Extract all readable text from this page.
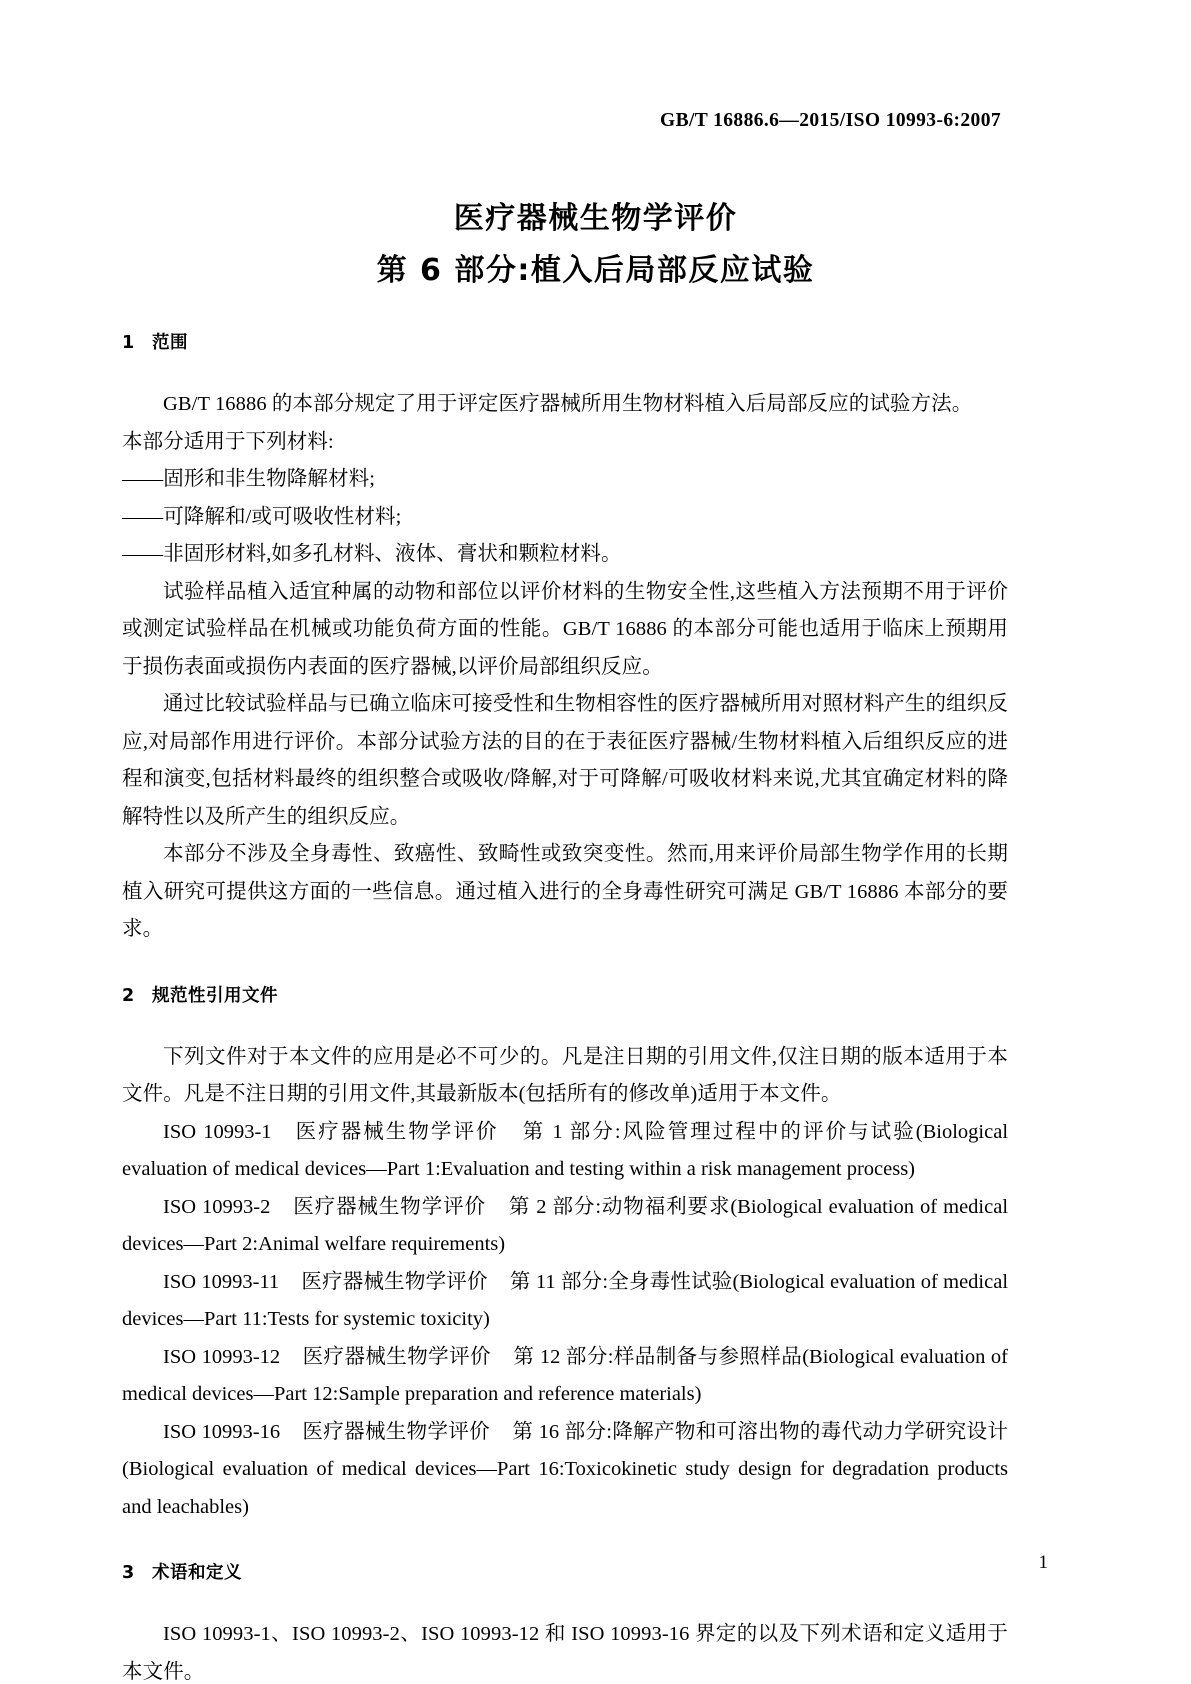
GB/T 16886.6—2015/ISO 10993-6:2007
医疗器械生物学评价
第 6 部分:植入后局部反应试验
1 范围

GB/T 16886 的本部分规定了用于评定医疗器械所用生物材料植入后局部反应的试验方法。

本部分适用于下列材料:

——固形和非生物降解材料;

——可降解和/或可吸收性材料;

——非固形材料,如多孔材料、液体、膏状和颗粒材料。

试验样品植入适宜种属的动物和部位以评价材料的生物安全性,这些植入方法预期不用于评价或测定试验样品在机械或功能负荷方面的性能。GB/T 16886 的本部分可能也适用于临床上预期用于损伤表面或损伤内表面的医疗器械,以评价局部组织反应。

通过比较试验样品与已确立临床可接受性和生物相容性的医疗器械所用对照材料产生的组织反应,对局部作用进行评价。本部分试验方法的目的在于表征医疗器械/生物材料植入后组织反应的进程和演变,包括材料最终的组织整合或吸收/降解,对于可降解/可吸收材料来说,尤其宜确定材料的降解特性以及所产生的组织反应。

本部分不涉及全身毒性、致癌性、致畸性或致突变性。然而,用来评价局部生物学作用的长期植入研究可提供这方面的一些信息。通过植入进行的全身毒性研究可满足 GB/T 16886 本部分的要求。

2 规范性引用文件

下列文件对于本文件的应用是必不可少的。凡是注日期的引用文件,仅注日期的版本适用于本文件。凡是不注日期的引用文件,其最新版本(包括所有的修改单)适用于本文件。

ISO 10993-1 医疗器械生物学评价 第 1 部分:风险管理过程中的评价与试验(Biological evaluation of medical devices—Part 1:Evaluation and testing within a risk management process)

ISO 10993-2 医疗器械生物学评价 第 2 部分:动物福利要求(Biological evaluation of medical devices—Part 2:Animal welfare requirements)

ISO 10993-11 医疗器械生物学评价 第 11 部分:全身毒性试验(Biological evaluation of medical devices—Part 11:Tests for systemic toxicity)

ISO 10993-12 医疗器械生物学评价 第 12 部分:样品制备与参照样品(Biological evaluation of medical devices—Part 12:Sample preparation and reference materials)

ISO 10993-16 医疗器械生物学评价 第 16 部分:降解产物和可溶出物的毒代动力学研究设计(Biological evaluation of medical devices—Part 16:Toxicokinetic study design for degradation products and leachables)

3 术语和定义

ISO 10993-1、ISO 10993-2、ISO 10993-12 和 ISO 10993-16 界定的以及下列术语和定义适用于本文件。

1
